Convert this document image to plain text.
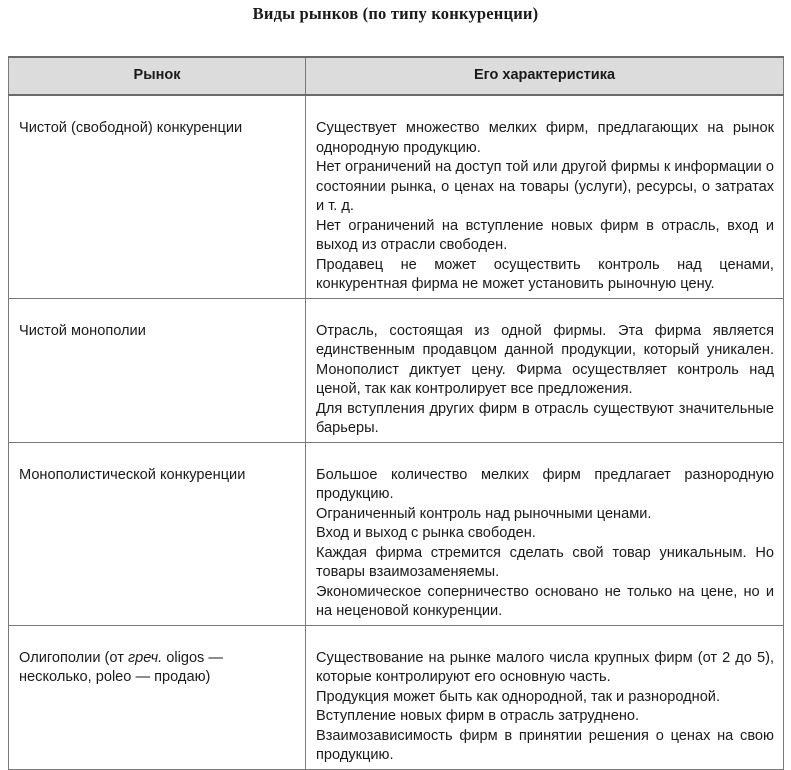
Виды рынков (по типу конкуренции)
Рынок	Его характеристика
Чистой (свободной) конкуренции	Существует множество мелких фирм, предлагающих на рынок однородную продукцию.
Нет ограничений на доступ той или другой фирмы к информации о состоянии рынка, о ценах на товары (услуги), ресурсы, о затратах и т. д.
Нет ограничений на вступление новых фирм в отрасль, вход и выход из отрасли свободен.
Продавец не может осуществить контроль над ценами, конкурентная фирма не может установить рыночную цену.

Чистой монополии	Отрасль, состоящая из одной фирмы. Эта фирма является единственным продавцом данной продукции, который уникален. Монополист диктует цену. Фирма осуществляет контроль над ценой, так как контролирует все предложения.
Для вступления других фирм в отрасль существуют значительные барьеры.

Монополистической конкуренции	Большое количество мелких фирм предлагает разнородную продукцию.
Ограниченный контроль над рыночными ценами.
Вход и выход с рынка свободен.
Каждая фирма стремится сделать свой товар уникальным. Но товары взаимозаменяемы.
Экономическое соперничество основано не только на цене, но и на неценовой конкуренции.

Олигополии (от греч. oligos — несколько, poleo — продаю)	Существование на рынке малого числа крупных фирм (от 2 до 5), которые контролируют его основную часть.
Продукция может быть как однородной, так и разнородной.
Вступление новых фирм в отрасль затруднено.
Взаимозависимость фирм в принятии решения о ценах на свою продукцию.
